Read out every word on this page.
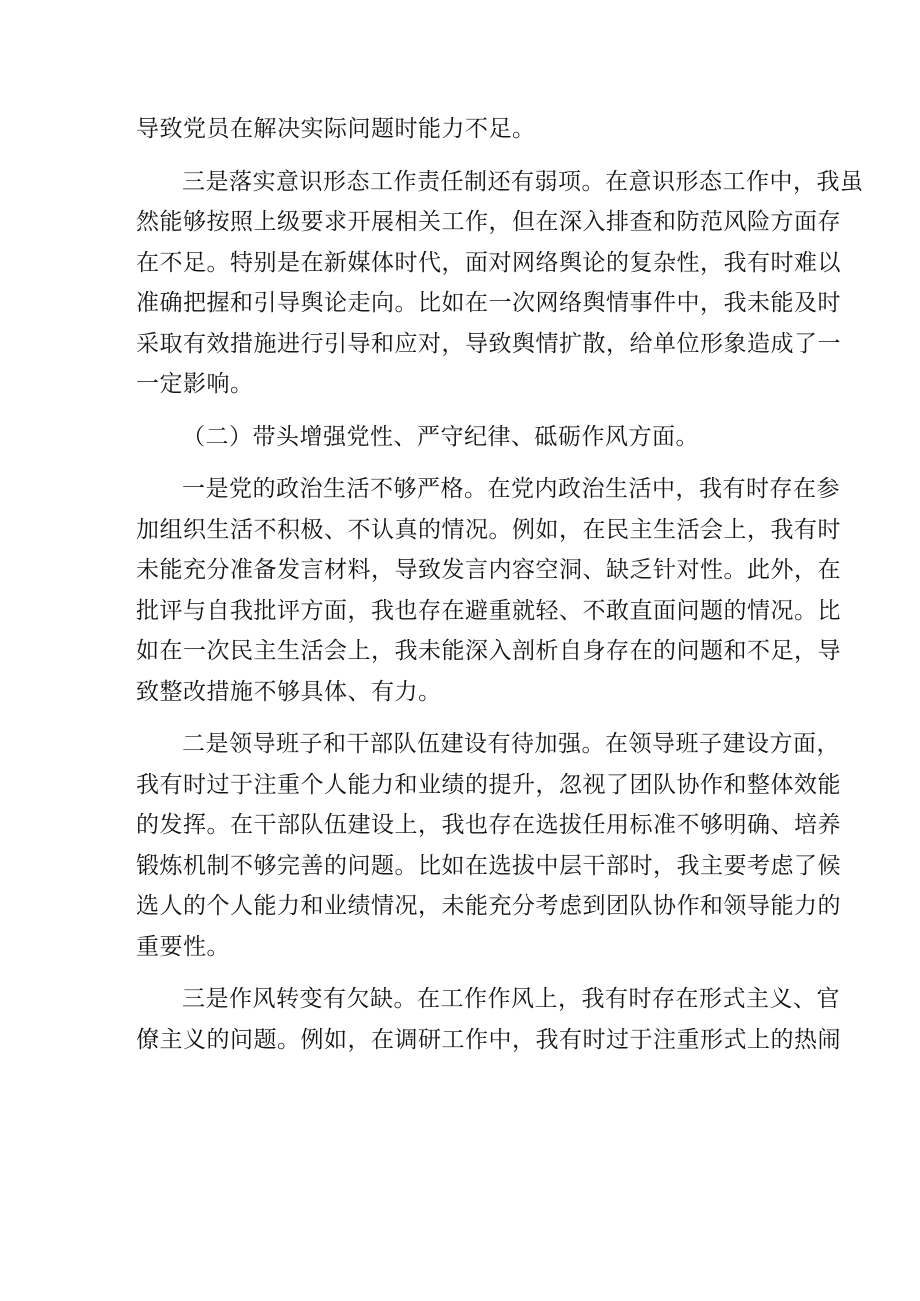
导致党员在解决实际问题时能力不足。
三是落实意识形态工作责任制还有弱项。在意识形态工作中，我虽
然能够按照上级要求开展相关工作，但在深入排查和防范风险方面存
在不足。特别是在新媒体时代，面对网络舆论的复杂性，我有时难以
准确把握和引导舆论走向。比如在一次网络舆情事件中，我未能及时
采取有效措施进行引导和应对，导致舆情扩散，给单位形象造成了一
一定影响。
（二）带头增强党性、严守纪律、砥砺作风方面。
一是党的政治生活不够严格。在党内政治生活中，我有时存在参
加组织生活不积极、不认真的情况。例如，在民主生活会上，我有时
未能充分准备发言材料，导致发言内容空洞、缺乏针对性。此外，在
批评与自我批评方面，我也存在避重就轻、不敢直面问题的情况。比
如在一次民主生活会上，我未能深入剖析自身存在的问题和不足，导
致整改措施不够具体、有力。
二是领导班子和干部队伍建设有待加强。在领导班子建设方面，
我有时过于注重个人能力和业绩的提升，忽视了团队协作和整体效能
的发挥。在干部队伍建设上，我也存在选拔任用标准不够明确、培养
锻炼机制不够完善的问题。比如在选拔中层干部时，我主要考虑了候
选人的个人能力和业绩情况，未能充分考虑到团队协作和领导能力的
重要性。
三是作风转变有欠缺。在工作作风上，我有时存在形式主义、官
僚主义的问题。例如，在调研工作中，我有时过于注重形式上的热闹
